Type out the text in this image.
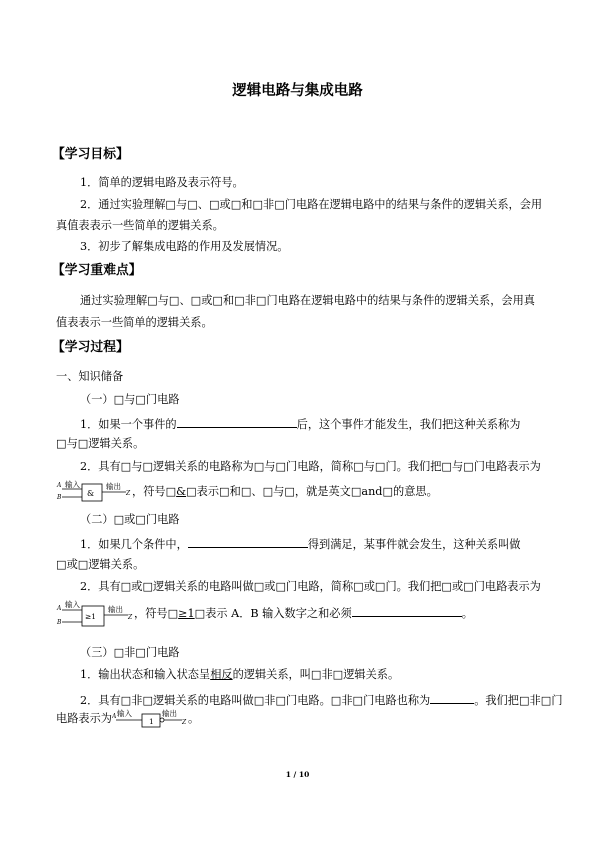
逻辑电路与集成电路
【学习目标】
1．简单的逻辑电路及表示符号。
2．通过实验理解□与□、□或□和□非□门电路在逻辑电路中的结果与条件的逻辑关系，会用
真值表表示一些简单的逻辑关系。
3．初步了解集成电路的作用及发展情况。
【学习重难点】
通过实验理解□与□、□或□和□非□门电路在逻辑电路中的结果与条件的逻辑关系，会用真
值表表示一些简单的逻辑关系。
【学习过程】
一、知识储备
（一）□与□门电路
1．如果一个事件的	后，这个事件才能发生，我们把这种关系称为
□与□逻辑关系。
2．具有□与□逻辑关系的电路称为□与□门电路，简称□与□门。我们把□与□门电路表示为
A 输入
B	&
输出
Z ，符号□&□表示□和□、□与□，就是英文□and□的意思。
（二）□或□门电路
1．如果几个条件中，	得到满足，某事件就会发生，这种关系叫做
□或□逻辑关系。
2．具有□或□逻辑关系的电路叫做□或□门电路，简称□或□门。我们把□或□门电路表示为
A 输入
B
≥1
输出
Z ，符号□≥1□表示 A．B 输入数字之和必须	。
（三）□非□门电路
1．输出状态和输入状态呈相反的逻辑关系，叫□非□逻辑关系。
2．具有□非□逻辑关系的电路叫做□非□门电路。□非□门电路也称为	。我们把□非□门
电路表示为 A 输入
1
输出
Z 。
1 / 10
